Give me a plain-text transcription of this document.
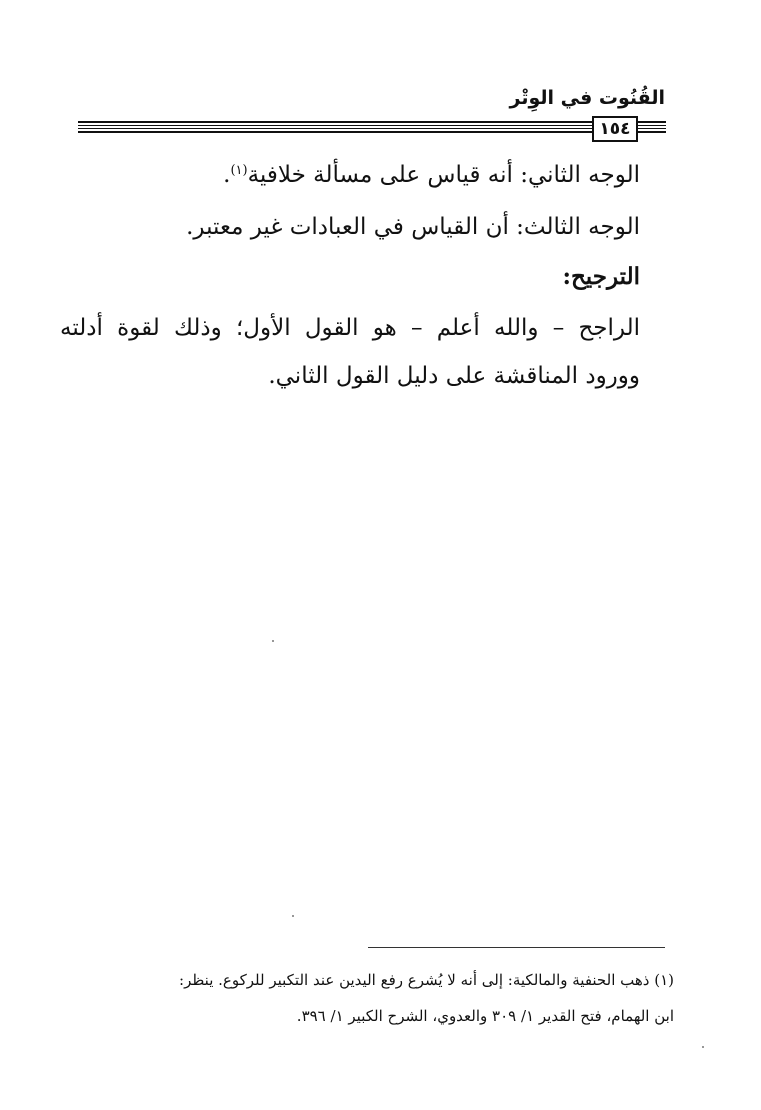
القُنُوت في الوِتْر
١٥٤
الوجه الثاني: أنه قياس على مسألة خلافية$^{(١)}$.
الوجه الثالث: أن القياس في العبادات غير معتبر.
الترجيح:
الراجح – والله أعلم – هو القول الأول؛ وذلك لقوة أدلته
وورود المناقشة على دليل القول الثاني.
(١) ذهب الحنفية والمالكية: إلى أنه لا يُشرع رفع اليدين عند التكبير للركوع. ينظر:
ابن الهمام، فتح القدير ١/ ٣٠٩ والعدوي، الشرح الكبير ١/ ٣٩٦.
